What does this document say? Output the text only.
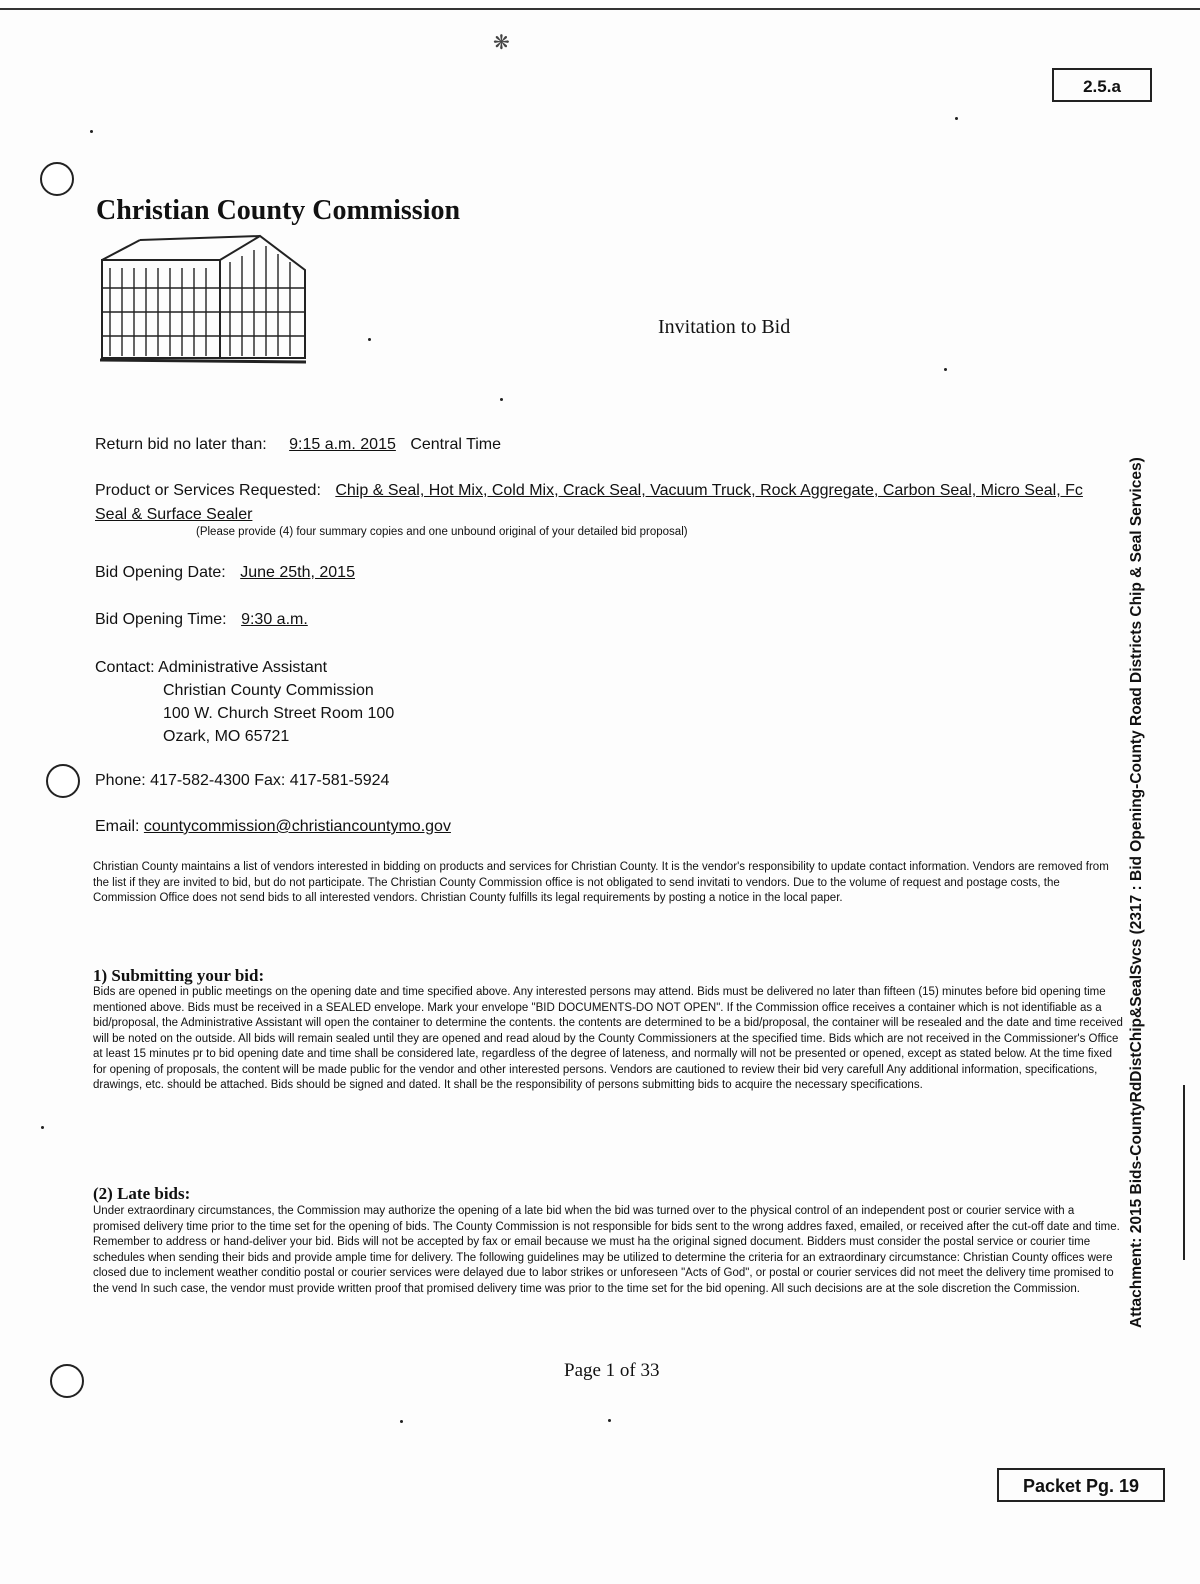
❋
2.5.a
Christian County Commission
Invitation to Bid
Return bid no later than: 9:15 a.m. 2015 Central Time
Product or Services Requested: Chip & Seal, Hot Mix, Cold Mix, Crack Seal, Vacuum Truck, Rock Aggregate, Carbon Seal, Micro Seal, Fc
Seal & Surface Sealer
(Please provide (4) four summary copies and one unbound original of your detailed bid proposal)
Bid Opening Date: June 25th, 2015
Bid Opening Time: 9:30 a.m.
Contact: Administrative Assistant
Christian County Commission
100 W. Church Street Room 100
Ozark, MO 65721
Phone: 417-582-4300 Fax: 417-581-5924
Email: countycommission@christiancountymo.gov
Christian County maintains a list of vendors interested in bidding on products and services for Christian County. It is the vendor's responsibility to update contact information. Vendors are removed from the list if they are invited to bid, but do not participate. The Christian County Commission office is not obligated to send invitati to vendors. Due to the volume of request and postage costs, the Commission Office does not send bids to all interested vendors. Christian County fulfills its legal requirements by posting a notice in the local paper.
1) Submitting your bid:
Bids are opened in public meetings on the opening date and time specified above. Any interested persons may attend. Bids must be delivered no later than fifteen (15) minutes before bid opening time mentioned above. Bids must be received in a SEALED envelope. Mark your envelope "BID DOCUMENTS-DO NOT OPEN". If the Commission office receives a container which is not identifiable as a bid/proposal, the Administrative Assistant will open the container to determine the contents. the contents are determined to be a bid/proposal, the container will be resealed and the date and time received will be noted on the outside. All bids will remain sealed until they are opened and read aloud by the County Commissioners at the specified time. Bids which are not received in the Commissioner's Office at least 15 minutes pr to bid opening date and time shall be considered late, regardless of the degree of lateness, and normally will not be presented or opened, except as stated below. At the time fixed for opening of proposals, the content will be made public for the vendor and other interested persons. Vendors are cautioned to review their bid very carefull Any additional information, specifications, drawings, etc. should be attached. Bids should be signed and dated. It shall be the responsibility of persons submitting bids to acquire the necessary specifications.
(2) Late bids:
Under extraordinary circumstances, the Commission may authorize the opening of a late bid when the bid was turned over to the physical control of an independent post or courier service with a promised delivery time prior to the time set for the opening of bids. The County Commission is not responsible for bids sent to the wrong addres faxed, emailed, or received after the cut-off date and time. Remember to address or hand-deliver your bid. Bids will not be accepted by fax or email because we must ha the original signed document. Bidders must consider the postal service or courier time schedules when sending their bids and provide ample time for delivery. The following guidelines may be utilized to determine the criteria for an extraordinary circumstance: Christian County offices were closed due to inclement weather conditio postal or courier services were delayed due to labor strikes or unforeseen "Acts of God", or postal or courier services did not meet the delivery time promised to the vend In such case, the vendor must provide written proof that promised delivery time was prior to the time set for the bid opening. All such decisions are at the sole discretion the Commission.
Page 1 of 33
Packet Pg. 19
Attachment: 2015 Bids-CountyRdDistChip&SealSvcs (2317 : Bid Opening-County Road Districts Chip & Seal Services)
